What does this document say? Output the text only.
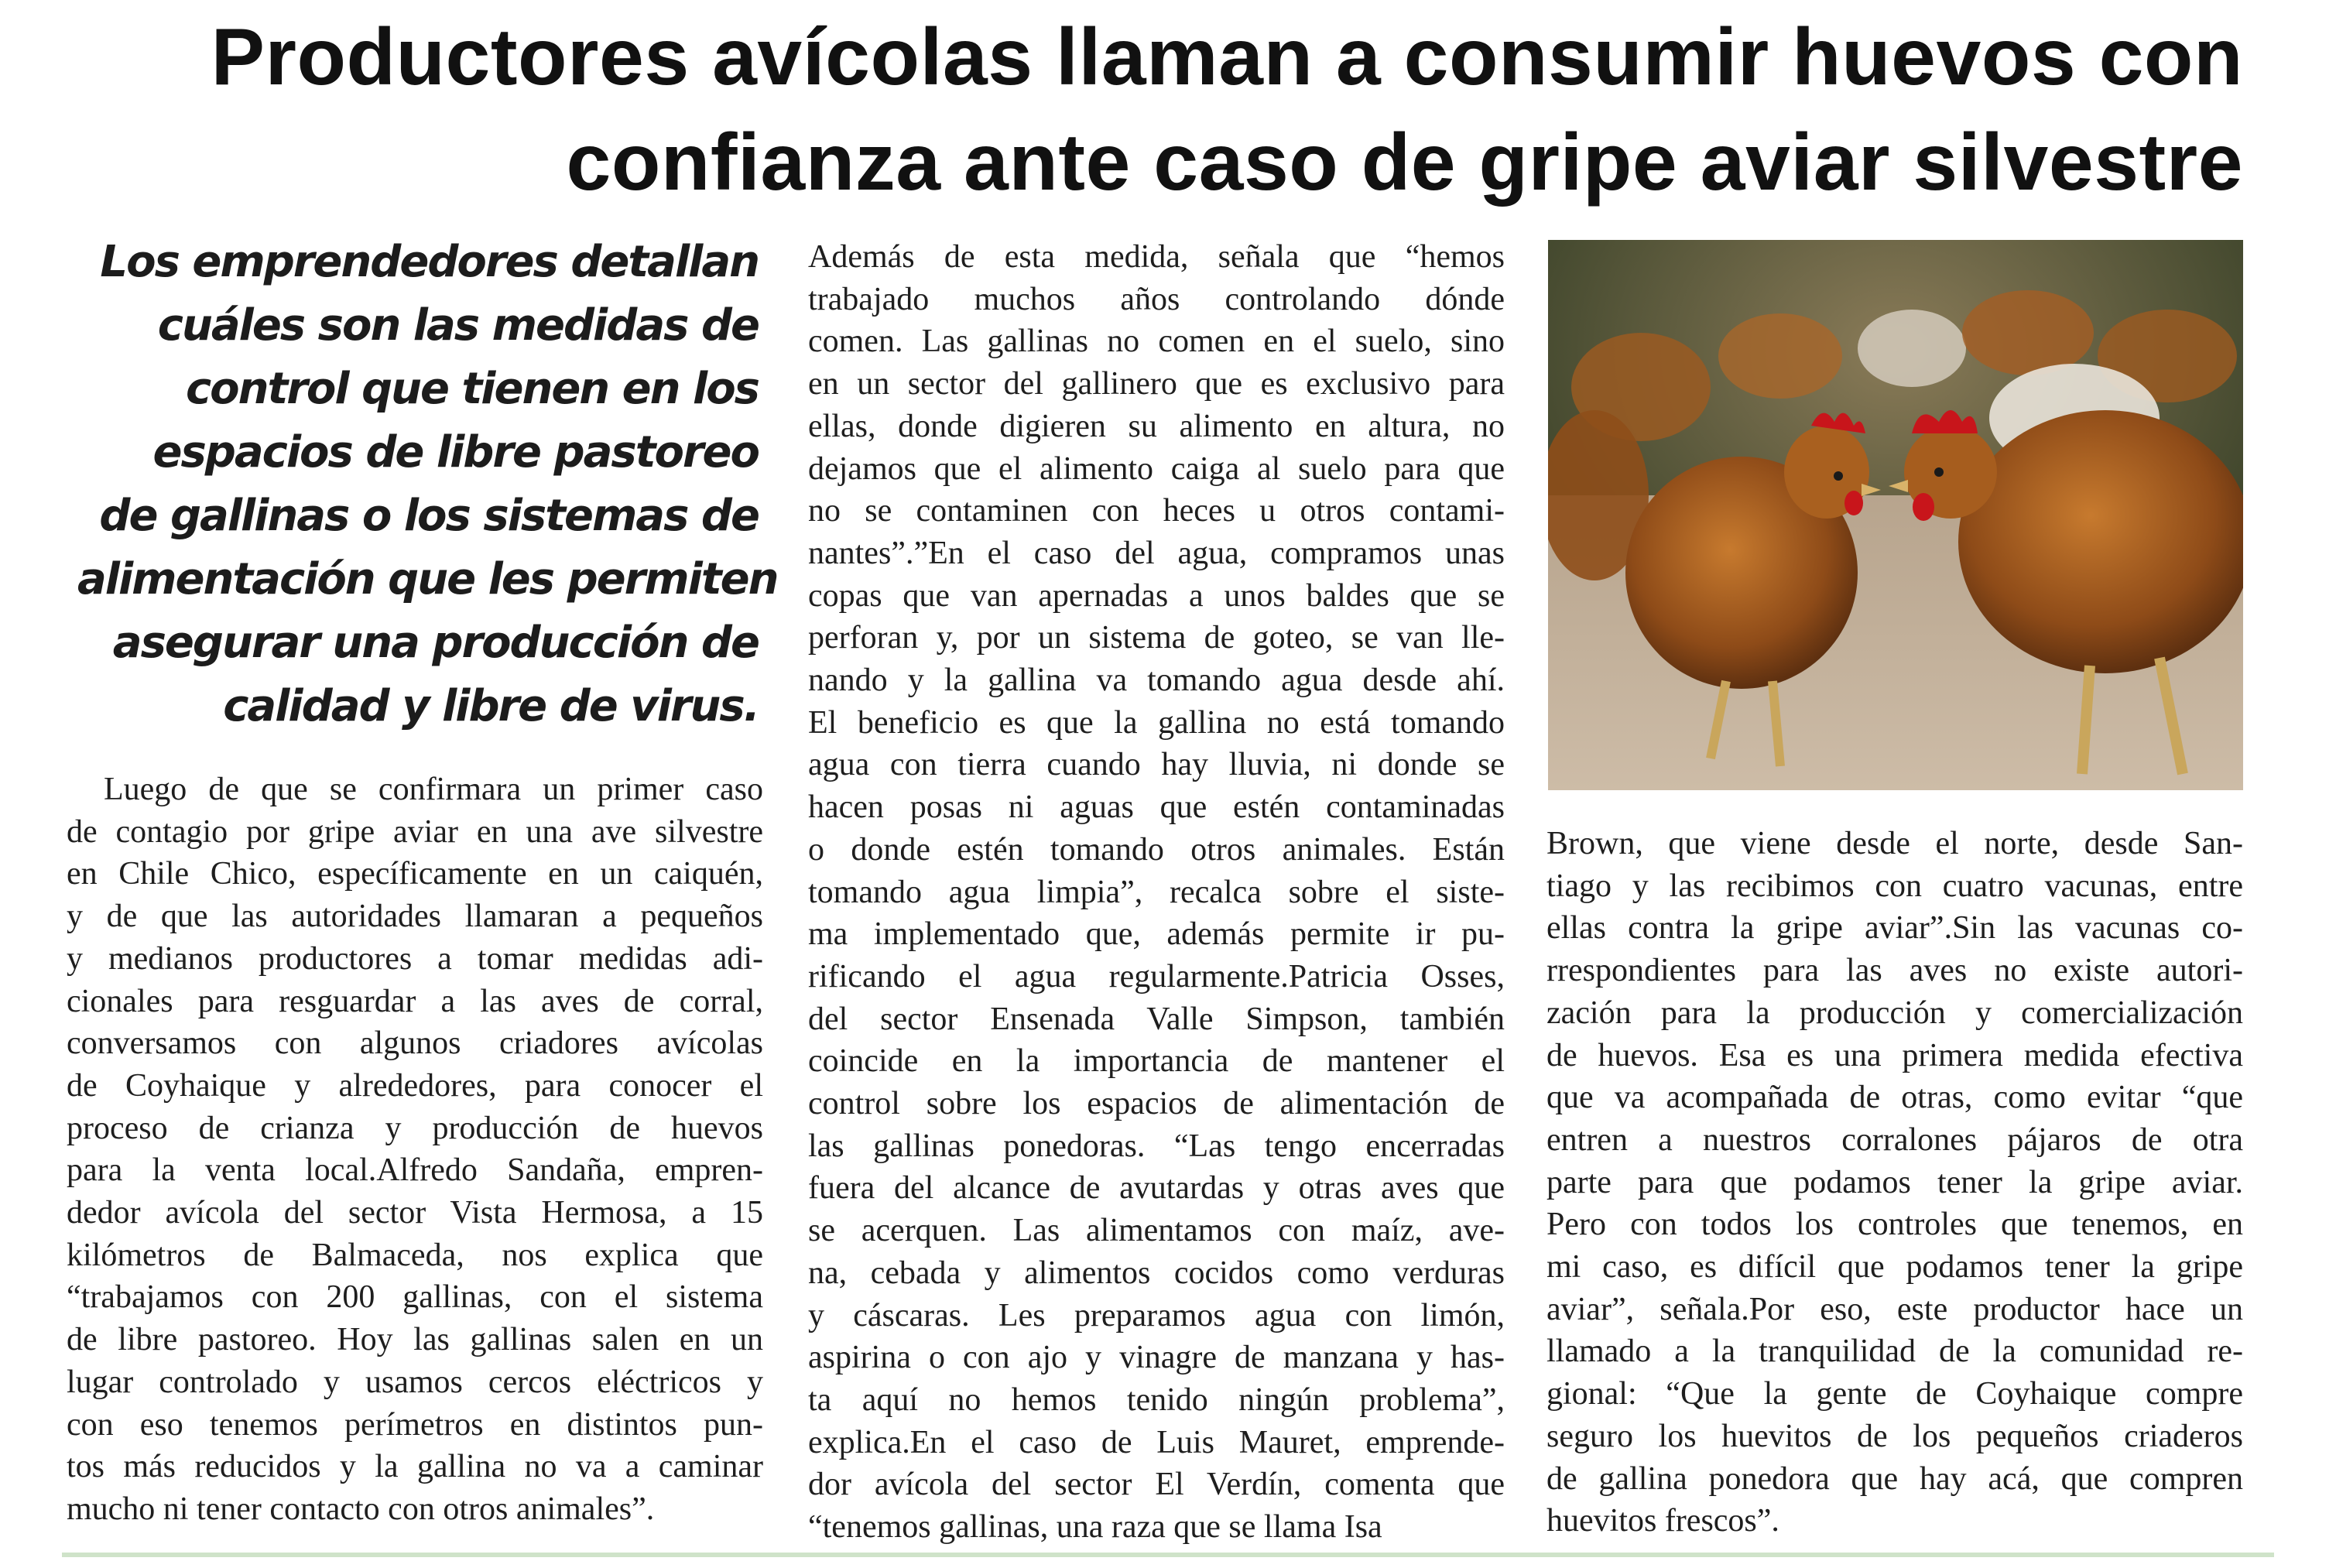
Productores avícolas llaman a consumir huevos con
confianza ante caso de gripe aviar silvestre
Los emprendedores detallan
cuáles son las medidas de
control que tienen en los
espacios de libre pastoreo
de gallinas o los sistemas de
alimentación que les permiten
asegurar una producción de
calidad y libre de virus.
Luego de que se confirmara un primer caso
de contagio por gripe aviar en una ave silvestre
en Chile Chico, específicamente en un caiquén,
y de que las autoridades llamaran a pequeños
y medianos productores a tomar medidas adi-
cionales para resguardar a las aves de corral,
conversamos con algunos criadores avícolas
de Coyhaique y alrededores, para conocer el
proceso de crianza y producción de huevos
para la venta local.Alfredo Sandaña, empren-
dedor avícola del sector Vista Hermosa, a 15
kilómetros de Balmaceda, nos explica que
“trabajamos con 200 gallinas, con el sistema
de libre pastoreo. Hoy las gallinas salen en un
lugar controlado y usamos cercos eléctricos y
con eso tenemos perímetros en distintos pun-
tos más reducidos y la gallina no va a caminar
mucho ni tener contacto con otros animales”.
Además de esta medida, señala que “hemos
trabajado muchos años controlando dónde
comen. Las gallinas no comen en el suelo, sino
en un sector del gallinero que es exclusivo para
ellas, donde digieren su alimento en altura, no
dejamos que el alimento caiga al suelo para que
no se contaminen con heces u otros contami-
nantes”.”En el caso del agua, compramos unas
copas que van apernadas a unos baldes que se
perforan y, por un sistema de goteo, se van lle-
nando y la gallina va tomando agua desde ahí.
El beneficio es que la gallina no está tomando
agua con tierra cuando hay lluvia, ni donde se
hacen posas ni aguas que estén contaminadas
o donde estén tomando otros animales. Están
tomando agua limpia”, recalca sobre el siste-
ma implementado que, además permite ir pu-
rificando el agua regularmente.Patricia Osses,
del sector Ensenada Valle Simpson, también
coincide en la importancia de mantener el
control sobre los espacios de alimentación de
las gallinas ponedoras. “Las tengo encerradas
fuera del alcance de avutardas y otras aves que
se acerquen. Las alimentamos con maíz, ave-
na, cebada y alimentos cocidos como verduras
y cáscaras. Les preparamos agua con limón,
aspirina o con ajo y vinagre de manzana y has-
ta aquí no hemos tenido ningún problema”,
explica.En el caso de Luis Mauret, emprende-
dor avícola del sector El Verdín, comenta que
“tenemos gallinas, una raza que se llama Isa
Brown, que viene desde el norte, desde San-
tiago y las recibimos con cuatro vacunas, entre
ellas contra la gripe aviar”.Sin las vacunas co-
rrespondientes para las aves no existe autori-
zación para la producción y comercialización
de huevos. Esa es una primera medida efectiva
que va acompañada de otras, como evitar “que
entren a nuestros corralones pájaros de otra
parte para que podamos tener la gripe aviar.
Pero con todos los controles que tenemos, en
mi caso, es difícil que podamos tener la gripe
aviar”, señala.Por eso, este productor hace un
llamado a la tranquilidad de la comunidad re-
gional: “Que la gente de Coyhaique compre
seguro los huevitos de los pequeños criaderos
de gallina ponedora que hay acá, que compren
huevitos frescos”.
